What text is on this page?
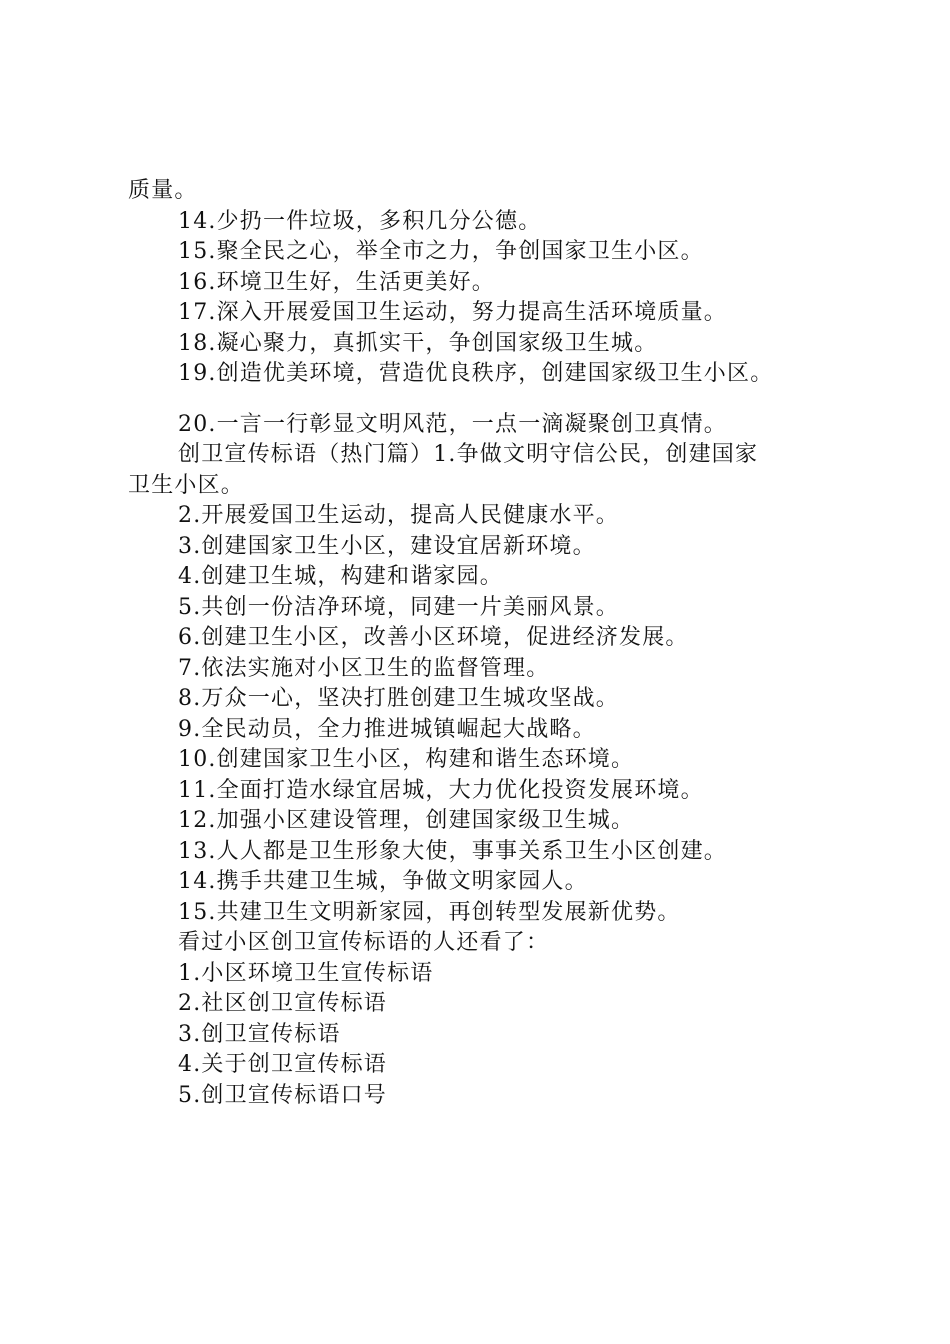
质量。
14.少扔一件垃圾，多积几分公德。
15.聚全民之心，举全市之力，争创国家卫生小区。
16.环境卫生好，生活更美好。
17.深入开展爱国卫生运动，努力提高生活环境质量。
18.凝心聚力，真抓实干，争创国家级卫生城。
19.创造优美环境，营造优良秩序，创建国家级卫生小区。
20.一言一行彰显文明风范，一点一滴凝聚创卫真情。
创卫宣传标语（热门篇）1.争做文明守信公民，创建国家
卫生小区。
2.开展爱国卫生运动，提高人民健康水平。
3.创建国家卫生小区，建设宜居新环境。
4.创建卫生城，构建和谐家园。
5.共创一份洁净环境，同建一片美丽风景。
6.创建卫生小区，改善小区环境，促进经济发展。
7.依法实施对小区卫生的监督管理。
8.万众一心，坚决打胜创建卫生城攻坚战。
9.全民动员，全力推进城镇崛起大战略。
10.创建国家卫生小区，构建和谐生态环境。
11.全面打造水绿宜居城，大力优化投资发展环境。
12.加强小区建设管理，创建国家级卫生城。
13.人人都是卫生形象大使，事事关系卫生小区创建。
14.携手共建卫生城，争做文明家园人。
15.共建卫生文明新家园，再创转型发展新优势。
看过小区创卫宣传标语的人还看了：
1.小区环境卫生宣传标语
2.社区创卫宣传标语
3.创卫宣传标语
4.关于创卫宣传标语
5.创卫宣传标语口号
